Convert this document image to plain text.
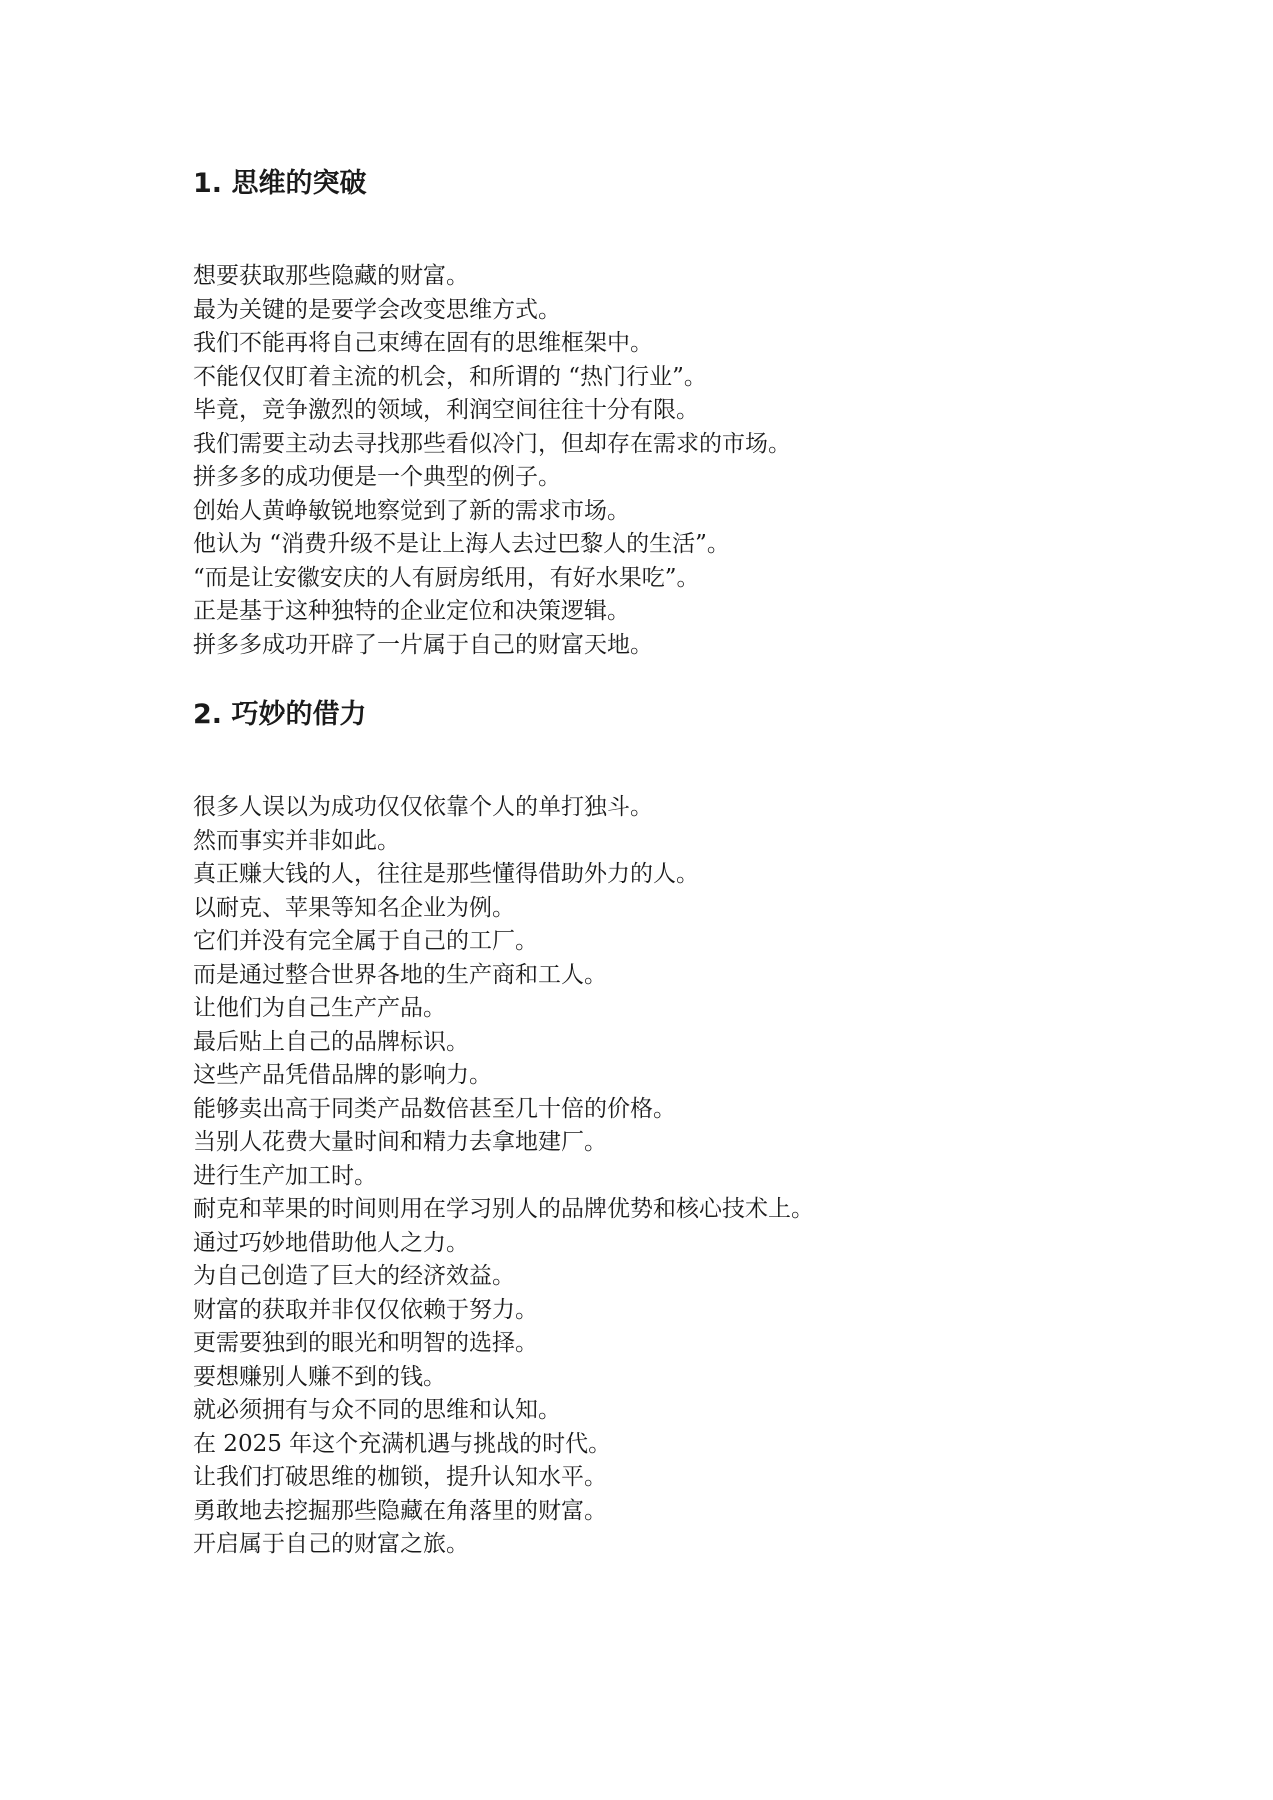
1. 思维的突破
想要获取那些隐藏的财富。
最为关键的是要学会改变思维方式。
我们不能再将自己束缚在固有的思维框架中。
不能仅仅盯着主流的机会，和所谓的 “热门行业”。
毕竟，竞争激烈的领域，利润空间往往十分有限。
我们需要主动去寻找那些看似冷门，但却存在需求的市场。
拼多多的成功便是一个典型的例子。
创始人黄峥敏锐地察觉到了新的需求市场。
他认为 “消费升级不是让上海人去过巴黎人的生活”。
“而是让安徽安庆的人有厨房纸用，有好水果吃”。
正是基于这种独特的企业定位和决策逻辑。
拼多多成功开辟了一片属于自己的财富天地。
2. 巧妙的借力
很多人误以为成功仅仅依靠个人的单打独斗。
然而事实并非如此。
真正赚大钱的人，往往是那些懂得借助外力的人。
以耐克、苹果等知名企业为例。
它们并没有完全属于自己的工厂。
而是通过整合世界各地的生产商和工人。
让他们为自己生产产品。
最后贴上自己的品牌标识。
这些产品凭借品牌的影响力。
能够卖出高于同类产品数倍甚至几十倍的价格。
当别人花费大量时间和精力去拿地建厂。
进行生产加工时。
耐克和苹果的时间则用在学习别人的品牌优势和核心技术上。
通过巧妙地借助他人之力。
为自己创造了巨大的经济效益。
财富的获取并非仅仅依赖于努力。
更需要独到的眼光和明智的选择。
要想赚别人赚不到的钱。
就必须拥有与众不同的思维和认知。
在 2025 年这个充满机遇与挑战的时代。
让我们打破思维的枷锁，提升认知水平。
勇敢地去挖掘那些隐藏在角落里的财富。
开启属于自己的财富之旅。
